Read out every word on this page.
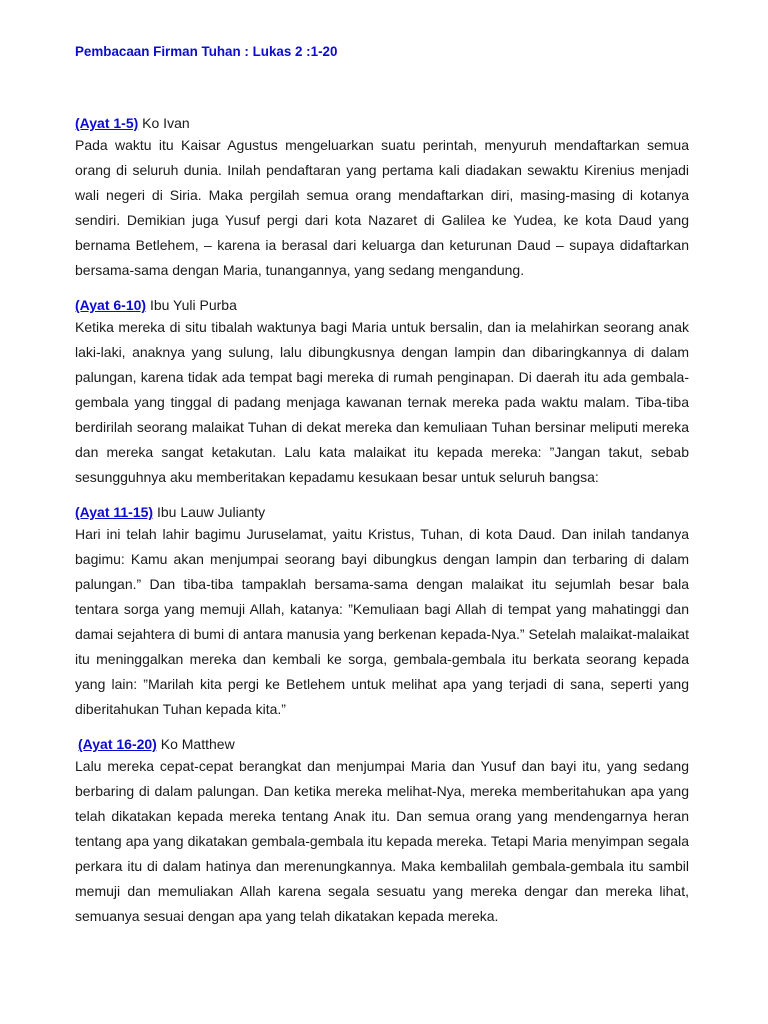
Pembacaan Firman Tuhan : Lukas 2 :1-20

(Ayat 1-5) Ko Ivan
Pada waktu itu Kaisar Agustus mengeluarkan suatu perintah, menyuruh mendaftarkan semua
orang di seluruh dunia. Inilah pendaftaran yang pertama kali diadakan sewaktu Kirenius menjadi
wali negeri di Siria. Maka pergilah semua orang mendaftarkan diri, masing-masing di kotanya
sendiri. Demikian juga Yusuf pergi dari kota Nazaret di Galilea ke Yudea, ke kota Daud yang
bernama Betlehem, – karena ia berasal dari keluarga dan keturunan Daud – supaya didaftarkan
bersama-sama dengan Maria, tunangannya, yang sedang mengandung.
(Ayat 6-10) Ibu Yuli Purba
Ketika mereka di situ tibalah waktunya bagi Maria untuk bersalin, dan ia melahirkan seorang anak
laki-laki, anaknya yang sulung, lalu dibungkusnya dengan lampin dan dibaringkannya di dalam
palungan, karena tidak ada tempat bagi mereka di rumah penginapan. Di daerah itu ada gembala-
gembala yang tinggal di padang menjaga kawanan ternak mereka pada waktu malam. Tiba-tiba
berdirilah seorang malaikat Tuhan di dekat mereka dan kemuliaan Tuhan bersinar meliputi mereka
dan mereka sangat ketakutan. Lalu kata malaikat itu kepada mereka: ”Jangan takut, sebab
sesungguhnya aku memberitakan kepadamu kesukaan besar untuk seluruh bangsa:
(Ayat 11-15) Ibu Lauw Julianty
Hari ini telah lahir bagimu Juruselamat, yaitu Kristus, Tuhan, di kota Daud. Dan inilah tandanya
bagimu: Kamu akan menjumpai seorang bayi dibungkus dengan lampin dan terbaring di dalam
palungan.” Dan tiba-tiba tampaklah bersama-sama dengan malaikat itu sejumlah besar bala
tentara sorga yang memuji Allah, katanya: ”Kemuliaan bagi Allah di tempat yang mahatinggi dan
damai sejahtera di bumi di antara manusia yang berkenan kepada-Nya.” Setelah malaikat-malaikat
itu meninggalkan mereka dan kembali ke sorga, gembala-gembala itu berkata seorang kepada
yang lain: ”Marilah kita pergi ke Betlehem untuk melihat apa yang terjadi di sana, seperti yang
diberitahukan Tuhan kepada kita.”
(Ayat 16-20) Ko Matthew
Lalu mereka cepat-cepat berangkat dan menjumpai Maria dan Yusuf dan bayi itu, yang sedang
berbaring di dalam palungan. Dan ketika mereka melihat-Nya, mereka memberitahukan apa yang
telah dikatakan kepada mereka tentang Anak itu. Dan semua orang yang mendengarnya heran
tentang apa yang dikatakan gembala-gembala itu kepada mereka. Tetapi Maria menyimpan segala
perkara itu di dalam hatinya dan merenungkannya. Maka kembalilah gembala-gembala itu sambil
memuji dan memuliakan Allah karena segala sesuatu yang mereka dengar dan mereka lihat,
semuanya sesuai dengan apa yang telah dikatakan kepada mereka.
